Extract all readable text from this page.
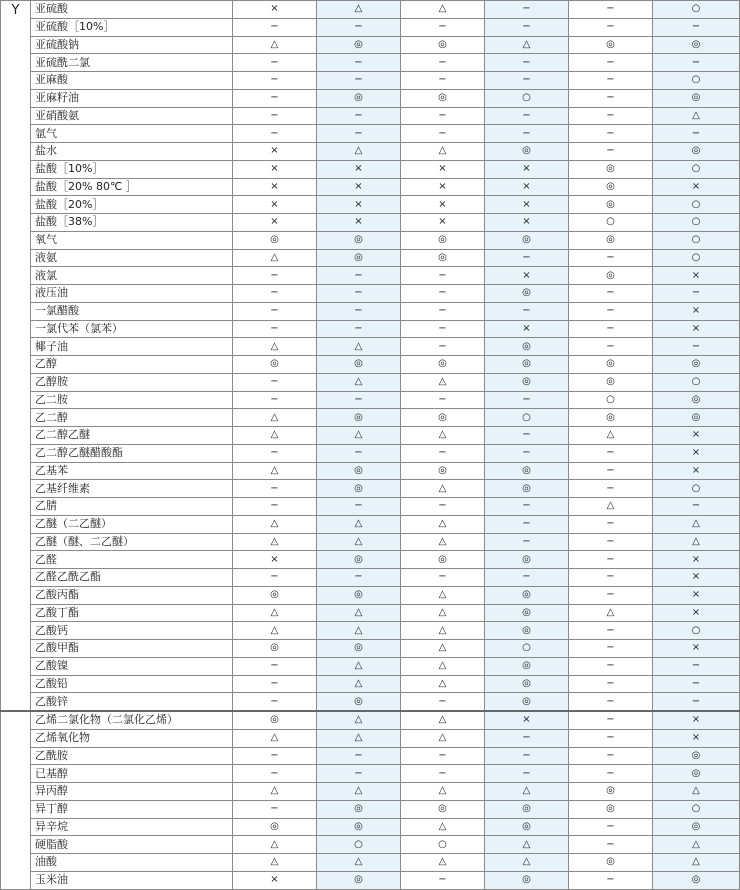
Y	亚硫酸	×	△	△	−	−	○
	亚硫酸［10%］	−	−	−	−	−	−
	亚硫酸钠	△	◎	◎	△	◎	◎
	亚硫酰二氯	−	−	−	−	−	−
	亚麻酸	−	−	−	−	−	○
	亚麻籽油	−	◎	◎	○	−	◎
	亚硝酸氨	−	−	−	−	−	△
	氩气	−	−	−	−	−	−
	盐水	×	△	△	◎	−	◎
	盐酸［10%］	×	×	×	×	◎	○
	盐酸［20% 80℃ ］	×	×	×	×	◎	×
	盐酸［20%］	×	×	×	×	◎	○
	盐酸［38%］	×	×	×	×	○	○
	氧气	◎	◎	◎	◎	◎	○
	液氨	△	◎	◎	−	−	○
	液氯	−	−	−	×	◎	×
	液压油	−	−	−	◎	−	−
	一氯醋酸	−	−	−	−	−	×
	一氯代苯（氯苯）	−	−	−	×	−	×
	椰子油	△	△	−	◎	−	−
	乙醇	◎	◎	◎	◎	◎	◎
	乙醇胺	−	△	△	◎	◎	○
	乙二胺	−	−	−	−	○	◎
	乙二醇	△	◎	◎	○	◎	◎
	乙二醇乙醚	△	△	△	−	△	×
	乙二醇乙醚醋酸酯	−	−	−	−	−	×
	乙基苯	△	◎	◎	◎	−	×
	乙基纤维素	−	◎	△	◎	−	○
	乙腈	−	−	−	−	△	−
	乙醚（二乙醚）	△	△	△	−	−	△
	乙醚（醚、二乙醚）	△	△	△	−	−	△
	乙醛	×	◎	◎	◎	−	×
	乙醛乙酰乙酯	−	−	−	−	−	×
	乙酸丙酯	◎	◎	△	◎	−	×
	乙酸丁酯	△	△	△	◎	△	×
	乙酸钙	△	△	△	◎	−	○
	乙酸甲酯	◎	◎	△	○	−	×
	乙酸镍	−	△	△	◎	−	−
	乙酸铅	−	△	△	◎	−	−
	乙酸锌	−	◎	−	◎	−	−
	乙烯二氯化物（二氯化乙烯）	◎	△	△	×	−	×
	乙烯氧化物	△	△	△	−	−	×
	乙酰胺	−	−	−	−	−	◎
	已基醇	−	−	−	−	−	◎
	异丙醇	△	△	△	△	◎	△
	异丁醇	−	◎	◎	◎	◎	○
	异辛烷	◎	◎	△	◎	−	◎
	硬脂酸	△	○	○	△	−	△
	油酸	△	△	△	△	◎	△
	玉米油	×	◎	−	◎	−	◎
